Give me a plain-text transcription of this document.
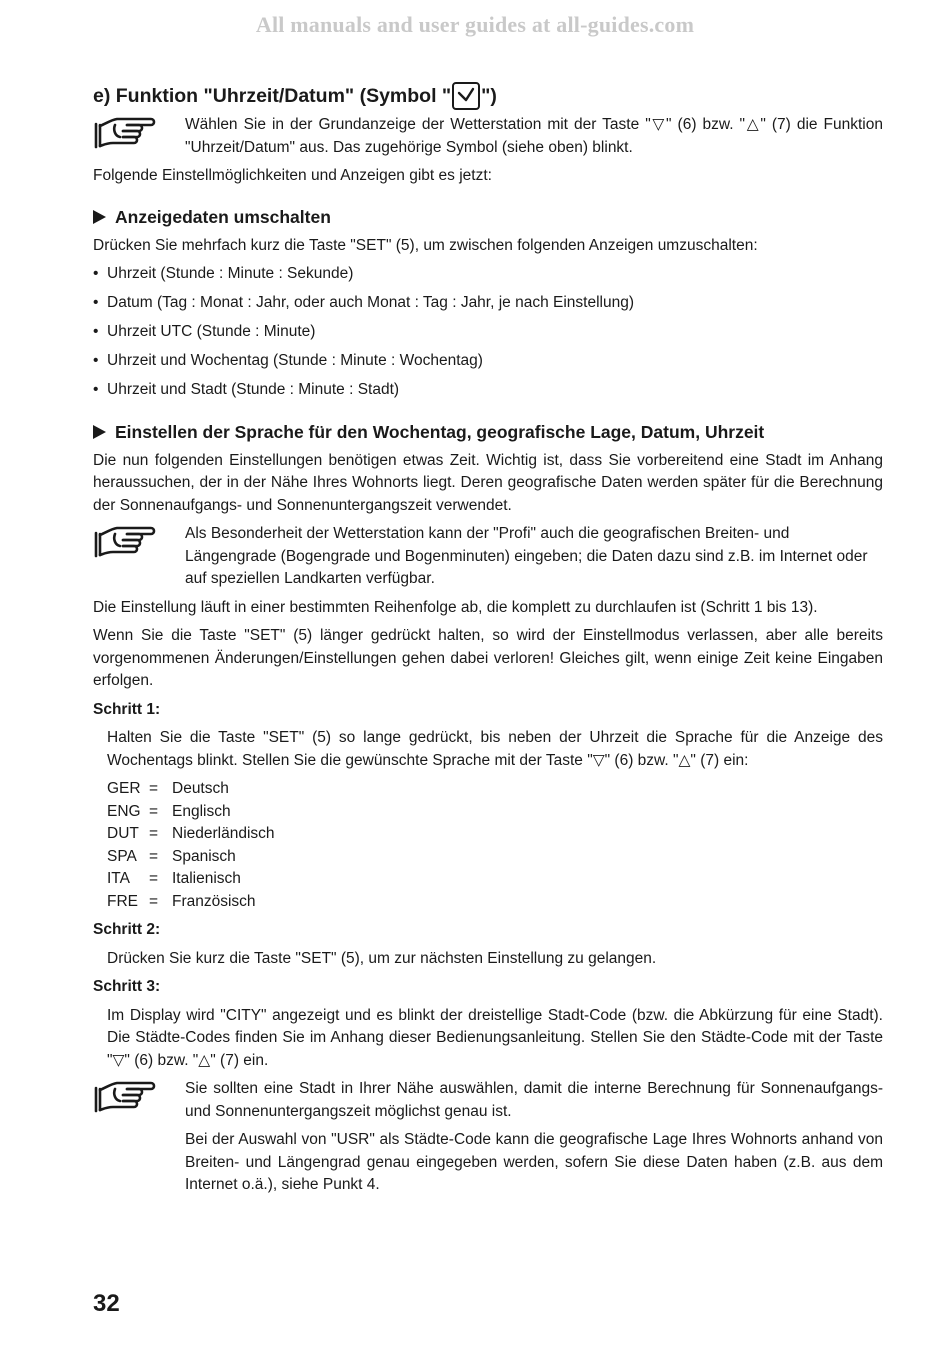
All manuals and user guides at all-guides.com
e) Funktion "Uhrzeit/Datum" (Symbol " ")

Wählen Sie in der Grundanzeige der Wetterstation mit der Taste "▽" (6) bzw. "△" (7) die Funktion "Uhrzeit/Datum" aus. Das zugehörige Symbol (siehe oben) blinkt.

Folgende Einstellmöglichkeiten und Anzeigen gibt es jetzt:

Anzeigedaten umschalten

Drücken Sie mehrfach kurz die Taste "SET" (5), um zwischen folgenden Anzeigen umzuschalten:

• Uhrzeit (Stunde : Minute : Sekunde)
• Datum (Tag : Monat : Jahr, oder auch Monat : Tag : Jahr, je nach Einstellung)
• Uhrzeit UTC (Stunde : Minute)
• Uhrzeit und Wochentag (Stunde : Minute : Wochentag)
• Uhrzeit und Stadt (Stunde : Minute : Stadt)
Einstellen der Sprache für den Wochentag, geografische Lage, Datum, Uhrzeit

Die nun folgenden Einstellungen benötigen etwas Zeit. Wichtig ist, dass Sie vorbereitend eine Stadt im Anhang heraussuchen, der in der Nähe Ihres Wohnorts liegt. Deren geografische Daten werden später für die Berechnung der Sonnenaufgangs- und Sonnenuntergangszeit verwendet.

Als Besonderheit der Wetterstation kann der "Profi" auch die geografischen Breiten- und Längengrade (Bogengrade und Bogenminuten) eingeben; die Daten dazu sind z.B. im Internet oder auf speziellen Landkarten verfügbar.

Die Einstellung läuft in einer bestimmten Reihenfolge ab, die komplett zu durchlaufen ist (Schritt 1 bis 13).

Wenn Sie die Taste "SET" (5) länger gedrückt halten, so wird der Einstellmodus verlassen, aber alle bereits vorgenommenen Änderungen/Einstellungen gehen dabei verloren! Gleiches gilt, wenn einige Zeit keine Eingaben erfolgen.

Schritt 1:

Halten Sie die Taste "SET" (5) so lange gedrückt, bis neben der Uhrzeit die Sprache für die Anzeige des Wochentags blinkt. Stellen Sie die gewünschte Sprache mit der Taste "▽" (6) bzw. "△" (7) ein:

GER = Deutsch
ENG = Englisch
DUT = Niederländisch
SPA = Spanisch
ITA	= Italienisch
FRE = Französisch

Schritt 2:

Drücken Sie kurz die Taste "SET" (5), um zur nächsten Einstellung zu gelangen.

Schritt 3:

Im Display wird "CITY" angezeigt und es blinkt der dreistellige Stadt-Code (bzw. die Abkürzung für eine Stadt). Die Städte-Codes finden Sie im Anhang dieser Bedienungsanleitung. Stellen Sie den Städte-Code mit der Taste "▽" (6) bzw. "△" (7) ein.

Sie sollten eine Stadt in Ihrer Nähe auswählen, damit die interne Berechnung für Sonnenaufgangs- und Sonnenuntergangszeit möglichst genau ist.

Bei der Auswahl von "USR" als Städte-Code kann die geografische Lage Ihres Wohnorts anhand von Breiten- und Längengrad genau eingegeben werden, sofern Sie diese Daten haben (z.B. aus dem Internet o.ä.), siehe Punkt 4.

32
